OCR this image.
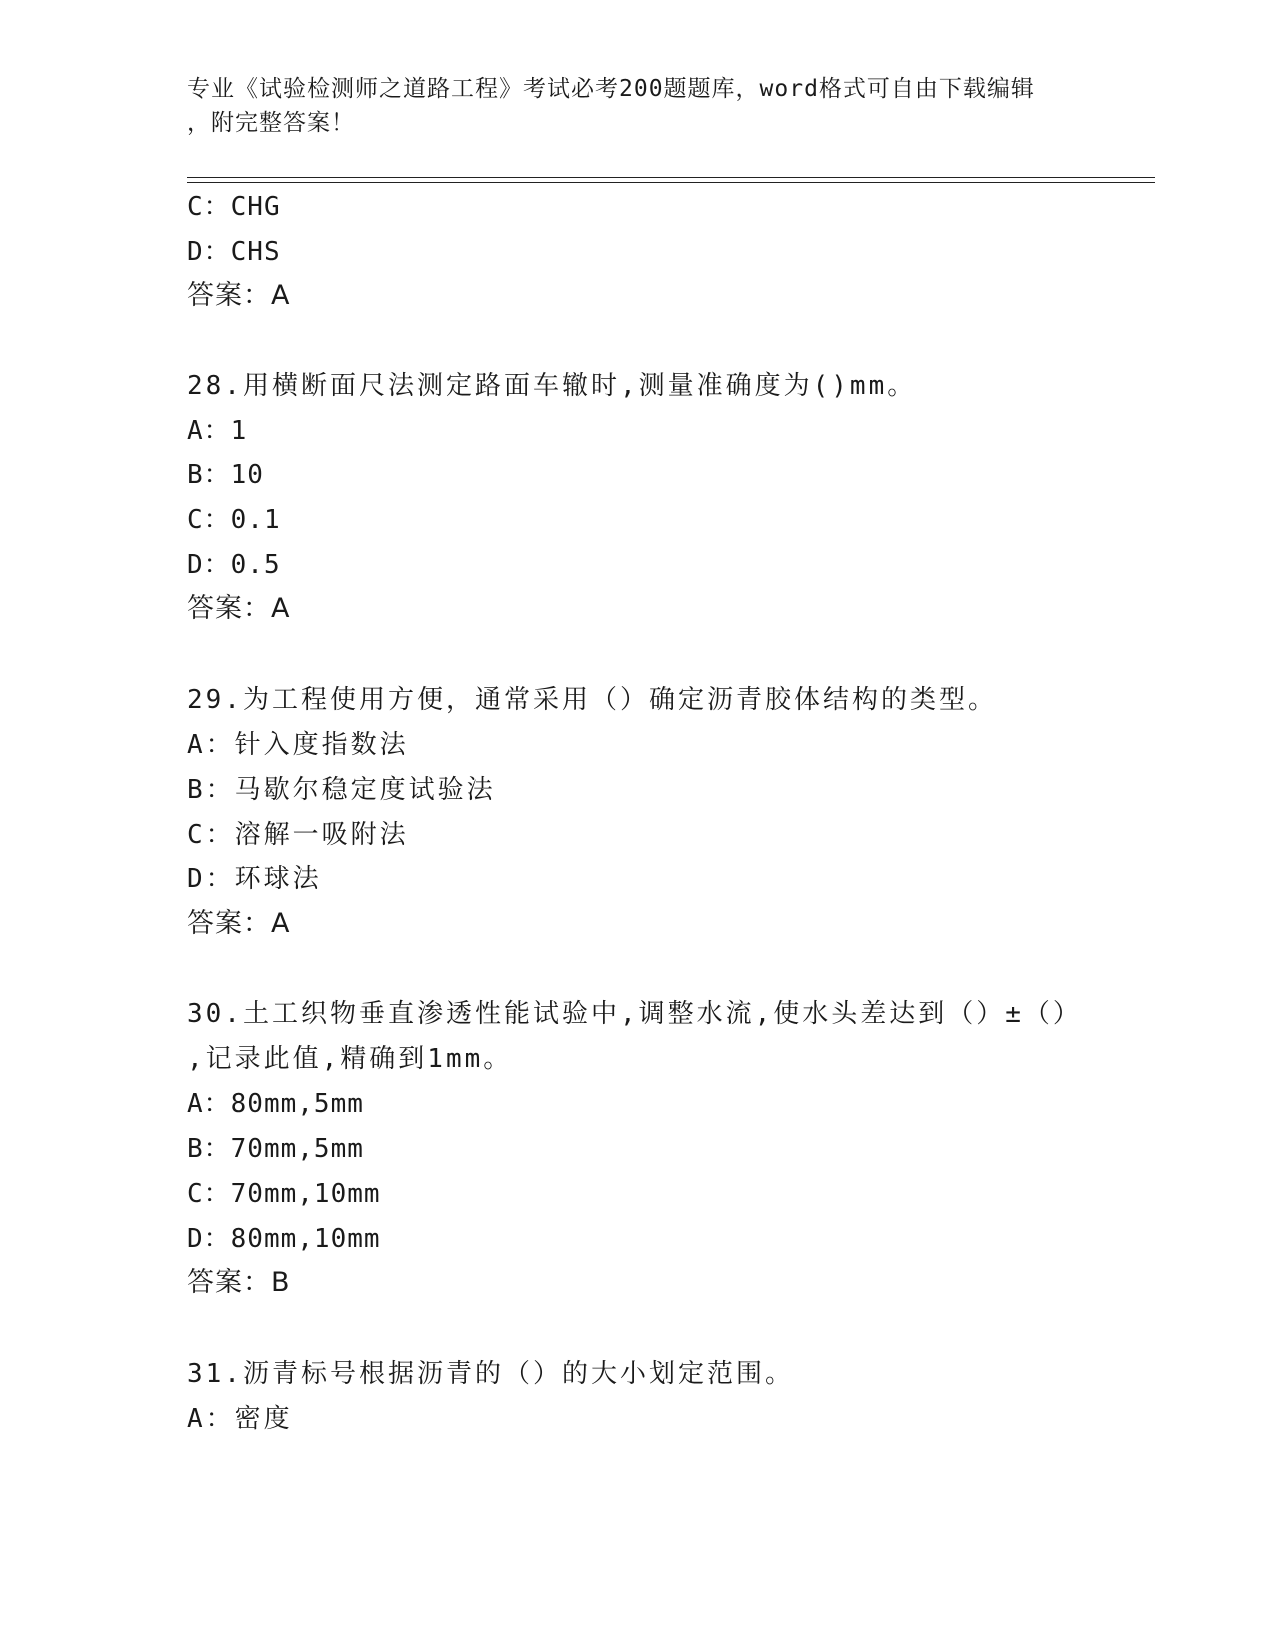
专业《试验检测师之道路工程》考试必考200题题库，word格式可自由下载编辑
，附完整答案！
C：CHG
D：CHS
答案：A
28.用横断面尺法测定路面车辙时,测量准确度为()mm。
A：1
B：10
C：0.1
D：0.5
答案：A
29.为工程使用方便，通常采用（）确定沥青胶体结构的类型。
A：针入度指数法
B：马歇尔稳定度试验法
C：溶解一吸附法
D：环球法
答案：A
30.土工织物垂直渗透性能试验中,调整水流,使水头差达到（）±（）
,记录此值,精确到1mm。
A：80mm,5mm
B：70mm,5mm
C：70mm,10mm
D：80mm,10mm
答案：B
31.沥青标号根据沥青的（）的大小划定范围。
A：密度
